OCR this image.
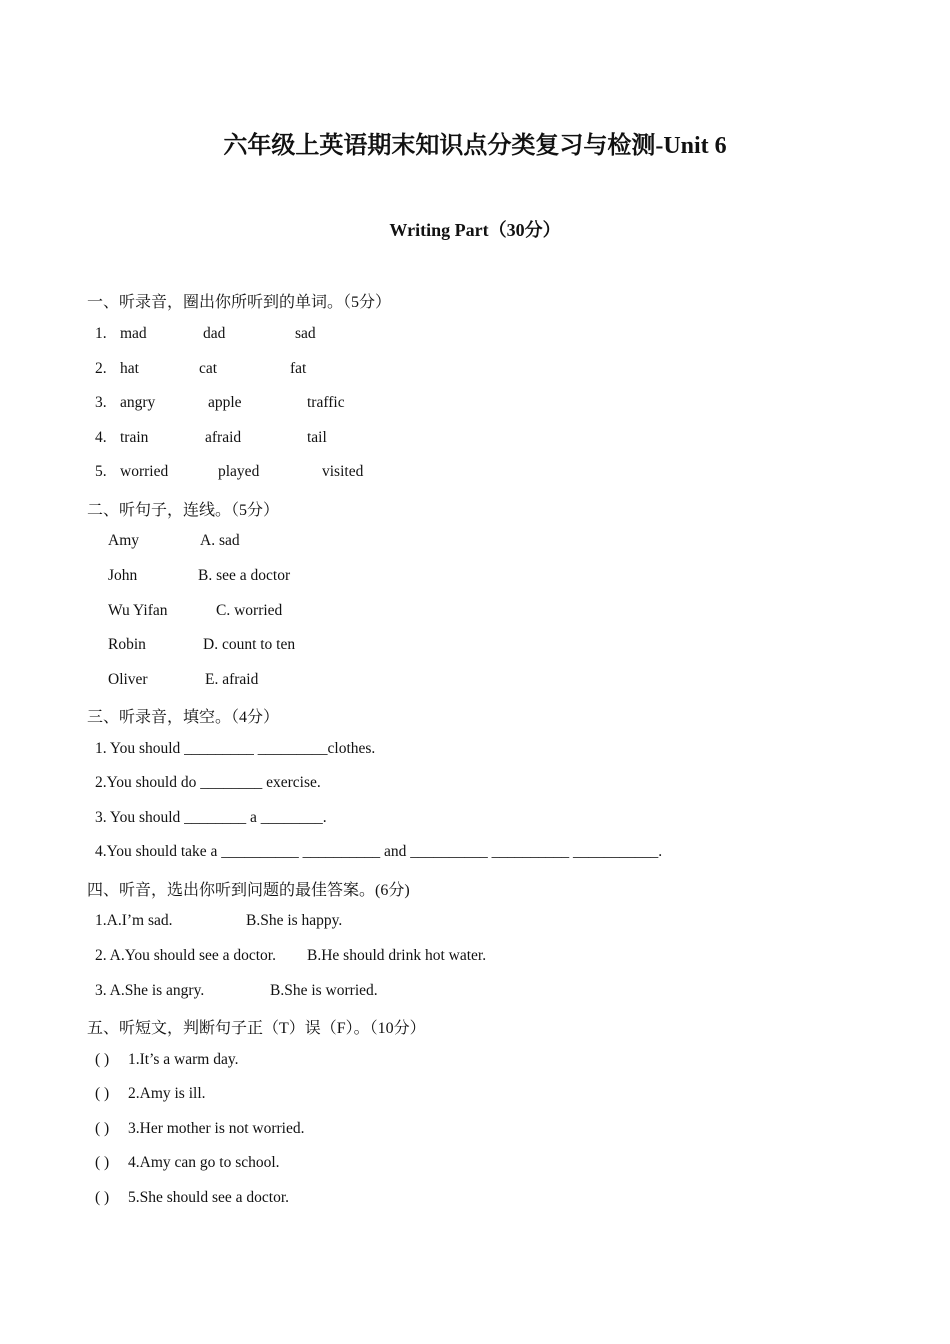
六年级上英语期末知识点分类复习与检测-Unit 6
Writing Part（30分）
一、听录音，圈出你所听到的单词。（5分）
1. mad	dad	sad
2. hat	cat	fat
3. angry	apple	traffic
4. train	afraid	tail
5. worried	played	visited
二、听句子，连线。（5分）
Amy	A. sad
John	B. see a doctor
Wu Yifan	C. worried
Robin	D. count to ten
Oliver	E. afraid
三、听录音，填空。（4分）
1. You should _________ _________clothes.
2.You should do ________ exercise.
3. You should ________ a ________.
4.You should take a __________ __________ and __________ __________ ___________.
四、听音，选出你听到问题的最佳答案。(6分)
1.A.I’m sad.	B.She is happy.
2. A.You should see a doctor. B.He should drink hot water.
3. A.She is angry.	B.She is worried.
五、听短文，判断句子正（T）误（F）。（10分）
( ) 1.It’s a warm day.
( ) 2.Amy is ill.
( ) 3.Her mother is not worried.
( ) 4.Amy can go to school.
( ) 5.She should see a doctor.
